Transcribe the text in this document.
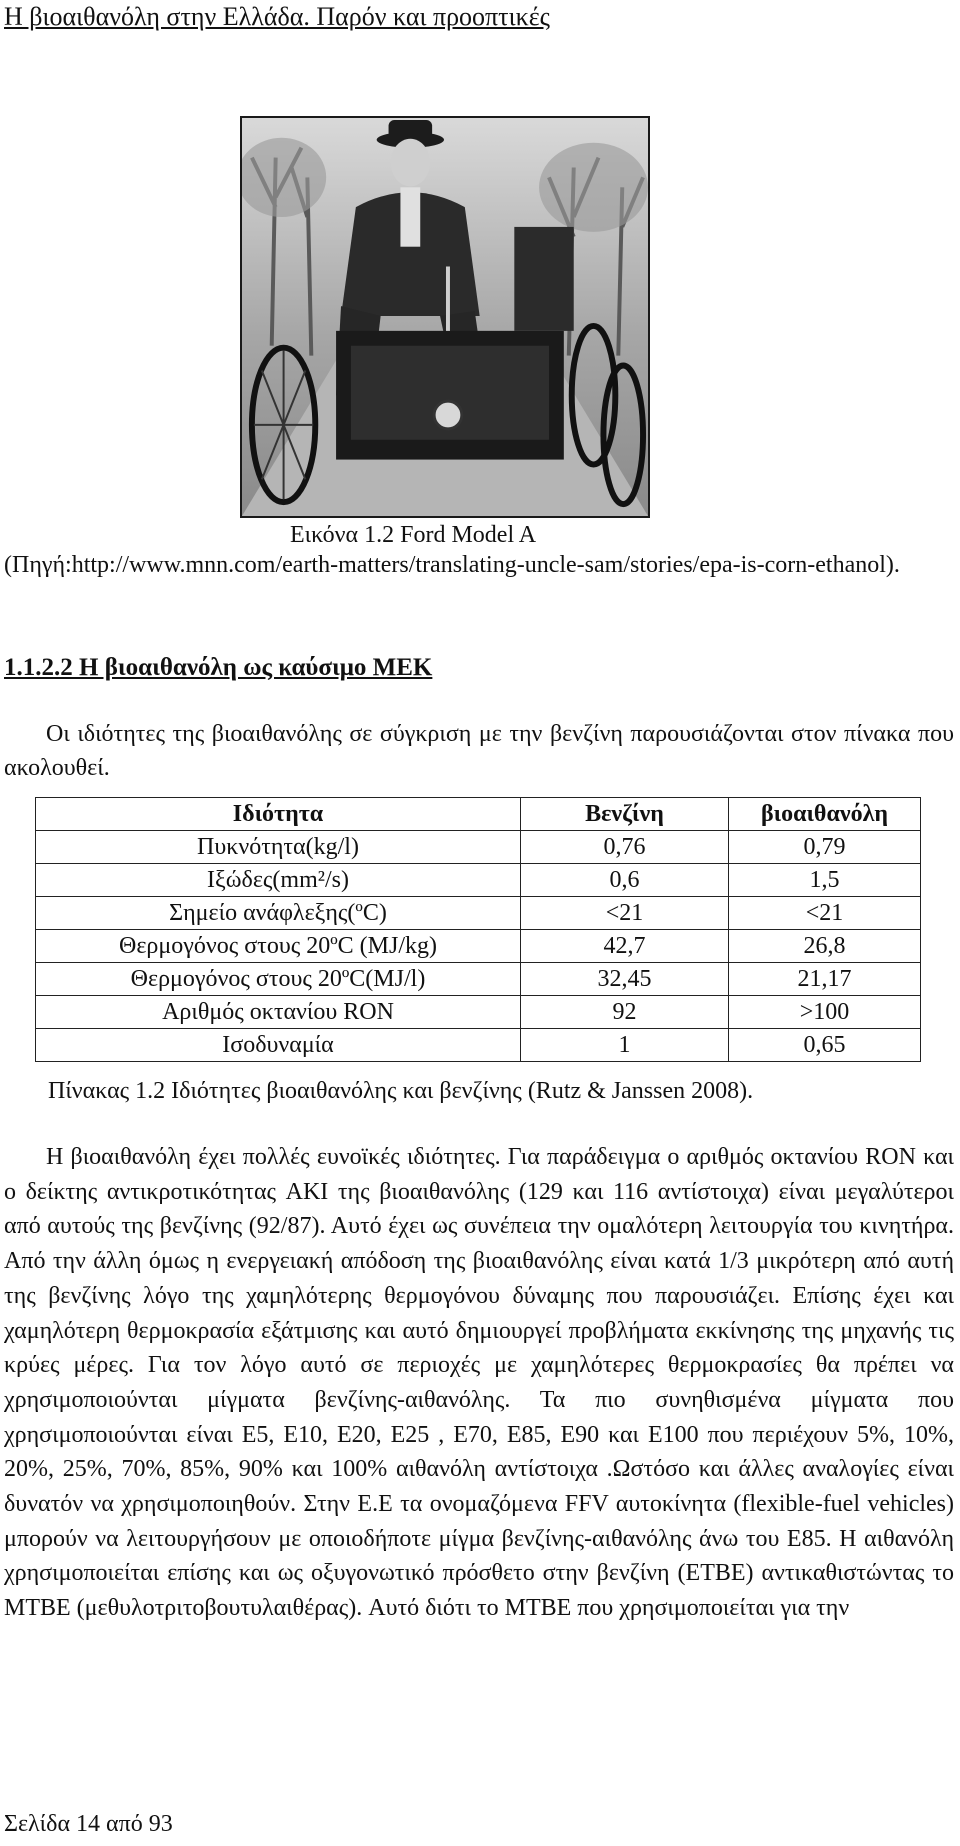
Η βιοαιθανόλη στην Ελλάδα. Παρόν και προοπτικές
Εικόνα 1.2 Ford Model A
(Πηγή:http://www.mnn.com/earth-matters/translating-uncle-sam/stories/epa-is-corn-ethanol).
1.1.2.2 Η βιοαιθανόλη ως καύσιμο ΜΕΚ
Οι ιδιότητες της βιοαιθανόλης σε σύγκριση με την βενζίνη παρουσιάζονται στον πίνακα που ακολουθεί.
Ιδιότητα	Βενζίνη	βιοαιθανόλη
Πυκνότητα(kg/l)	0,76	0,79
Ιξώδες(mm²/s)	0,6	1,5
Σημείο ανάφλεξης(ºC)	<21	<21
Θερμογόνος στους 20ºC (MJ/kg)	42,7	26,8
Θερμογόνος στους 20ºC(MJ/l)	32,45	21,17
Αριθμός οκτανίου RON	92	>100
Ισοδυναμία	1	0,65
Πίνακας 1.2 Ιδιότητες βιοαιθανόλης και βενζίνης (Rutz & Janssen 2008).
Η βιοαιθανόλη έχει πολλές ευνοϊκές ιδιότητες. Για παράδειγμα ο αριθμός οκτανίου RON και ο δείκτης αντικροτικότητας AKI της βιοαιθανόλης (129 και 116 αντίστοιχα) είναι μεγαλύτεροι από αυτούς της βενζίνης (92/87). Αυτό έχει ως συνέπεια την ομαλότερη λειτουργία του κινητήρα. Από την άλλη όμως η ενεργειακή απόδοση της βιοαιθανόλης είναι κατά 1/3 μικρότερη από αυτή της βενζίνης λόγο της χαμηλότερης θερμογόνου δύναμης που παρουσιάζει. Επίσης έχει και χαμηλότερη θερμοκρασία εξάτμισης και αυτό δημιουργεί προβλήματα εκκίνησης της μηχανής τις κρύες μέρες. Για τον λόγο αυτό σε περιοχές με χαμηλότερες θερμοκρασίες θα πρέπει να χρησιμοποιούνται μίγματα βενζίνης-αιθανόλης. Τα πιο συνηθισμένα μίγματα που χρησιμοποιούνται είναι Ε5, Ε10, Ε20, Ε25 , Ε70, Ε85, Ε90 και Ε100 που περιέχουν 5%, 10%, 20%, 25%, 70%, 85%, 90% και 100% αιθανόλη αντίστοιχα .Ωστόσο και άλλες αναλογίες είναι δυνατόν να χρησιμοποιηθούν. Στην Ε.Ε τα ονομαζόμενα FFV αυτοκίνητα (flexible-fuel vehicles) μπορούν να λειτουργήσουν με οποιοδήποτε μίγμα βενζίνης-αιθανόλης άνω του Ε85. Η αιθανόλη χρησιμοποιείται επίσης και ως οξυγονωτικό πρόσθετο στην βενζίνη (ETBE) αντικαθιστώντας το MTBE (μεθυλοτριτοβουτυλαιθέρας). Αυτό διότι το MTBE που χρησιμοποιείται για την
Σελίδα 14 από 93
